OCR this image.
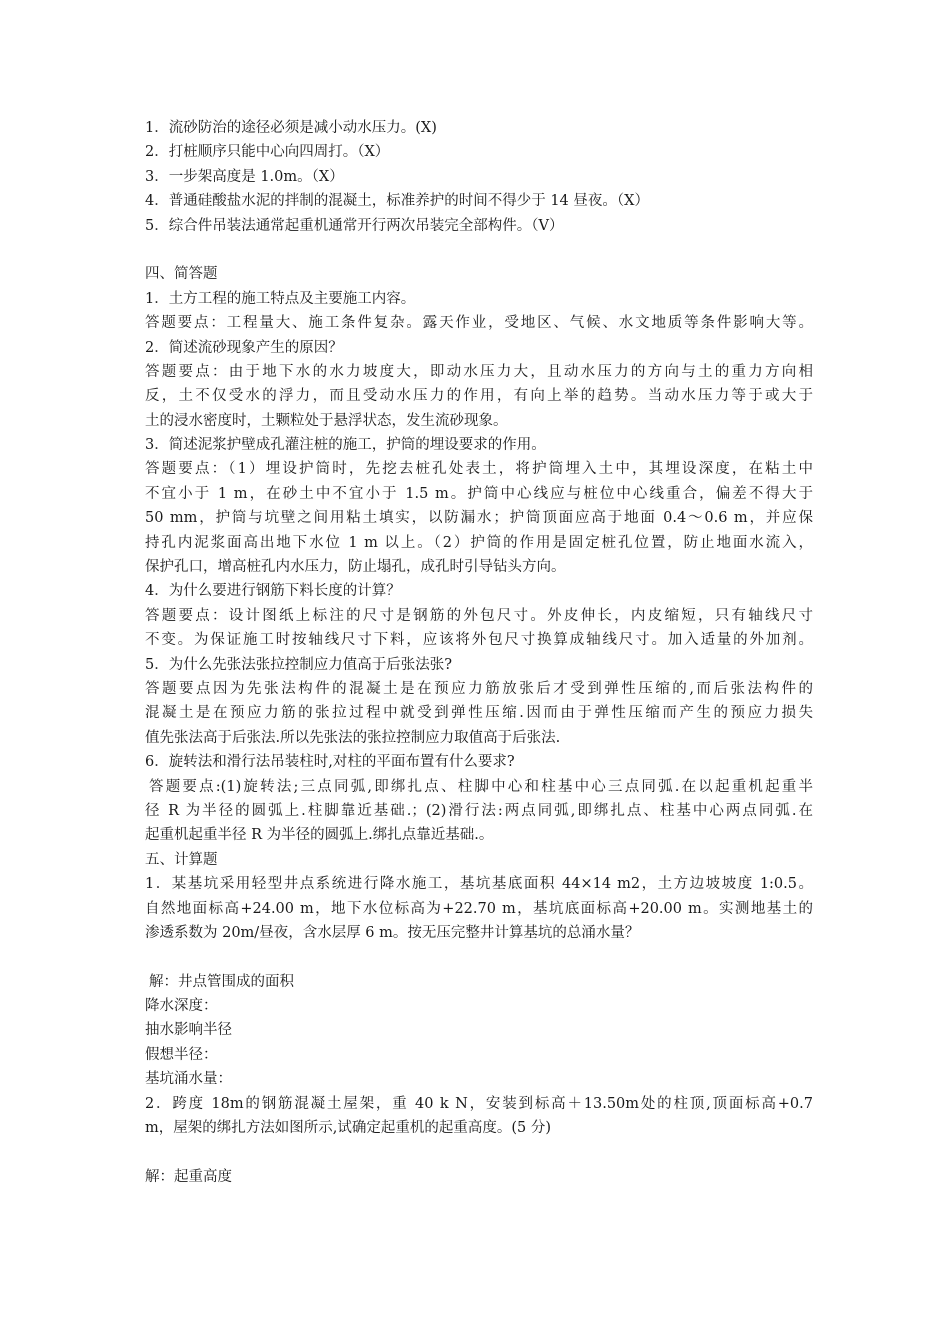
1．流砂防治的途径必须是减小动水压力。(X)
2．打桩顺序只能中心向四周打。（X）
3．一步架高度是 1.0m。（X）
4．普通硅酸盐水泥的拌制的混凝土，标准养护的时间不得少于 14 昼夜。（X）
5．综合件吊装法通常起重机通常开行两次吊装完全部构件。（V）
四、简答题
1．土方工程的施工特点及主要施工内容。
答题要点：工程量大、施工条件复杂。露天作业，受地区、气候、水文地质等条件影响大等。
2．简述流砂现象产生的原因？
答题要点：由于地下水的水力坡度大，即动水压力大，且动水压力的方向与土的重力方向相
反，土不仅受水的浮力，而且受动水压力的作用，有向上举的趋势。当动水压力等于或大于
土的浸水密度时，土颗粒处于悬浮状态，发生流砂现象。
3．简述泥浆护壁成孔灌注桩的施工，护筒的埋设要求的作用。
答题要点：（1）埋设护筒时，先挖去桩孔处表土，将护筒埋入土中，其埋设深度，在粘土中
不宜小于 1 m，在砂土中不宜小于 1.5 m。护筒中心线应与桩位中心线重合，偏差不得大于
50 mm，护筒与坑壁之间用粘土填实，以防漏水；护筒顶面应高于地面 0.4～0.6 m，并应保
持孔内泥浆面高出地下水位 1 m 以上。（2）护筒的作用是固定桩孔位置，防止地面水流入，
保护孔口，增高桩孔内水压力，防止塌孔，成孔时引导钻头方向。
4．为什么要进行钢筋下料长度的计算？
答题要点：设计图纸上标注的尺寸是钢筋的外包尺寸。外皮伸长，内皮缩短，只有轴线尺寸
不变。为保证施工时按轴线尺寸下料，应该将外包尺寸换算成轴线尺寸。加入适量的外加剂。
5．为什么先张法张拉控制应力值高于后张法张?
答题要点因为先张法构件的混凝土是在预应力筋放张后才受到弹性压缩的,而后张法构件的
混凝土是在预应力筋的张拉过程中就受到弹性压缩.因而由于弹性压缩而产生的预应力损失
值先张法高于后张法.所以先张法的张拉控制应力取值高于后张法.
6．旋转法和滑行法吊装柱时,对柱的平面布置有什么要求?
答题要点:(1)旋转法;三点同弧,即绑扎点、柱脚中心和柱基中心三点同弧.在以起重机起重半
径 R 为半径的圆弧上.柱脚靠近基础.；(2)滑行法:两点同弧,即绑扎点、柱基中心两点同弧.在
起重机起重半径 R 为半径的圆弧上.绑扎点靠近基础.。
五、计算题
1．某基坑采用轻型井点系统进行降水施工，基坑基底面积 44×14 m2，土方边坡坡度 1:0.5。
自然地面标高+24.00 m，地下水位标高为+22.70 m，基坑底面标高+20.00 m。实测地基土的
渗透系数为 20m/昼夜，含水层厚 6 m。按无压完整井计算基坑的总涌水量？
解：井点管围成的面积
降水深度：
抽水影响半径
假想半径：
基坑涌水量：
2．跨度 18m的钢筋混凝土屋架，重 40 k N，安装到标高＋13.50m处的柱顶,顶面标高+0.7
m，屋架的绑扎方法如图所示,试确定起重机的起重高度。(5 分)
解：起重高度
